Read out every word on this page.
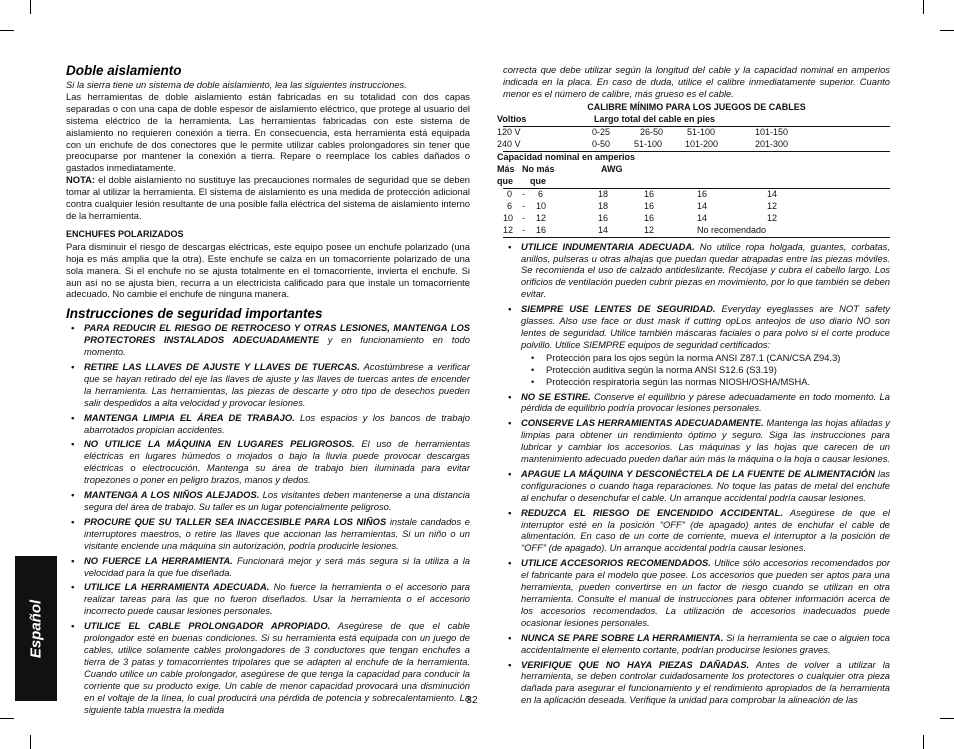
Doble aislamiento

Si la sierra tiene un sistema de doble aislamiento, lea las siguientes instrucciones.

Las herramientas de doble aislamiento están fabricadas en su totalidad con dos capas separadas o con una capa de doble espesor de aislamiento eléctrico, que protege al usuario del sistema eléctrico de la herramienta. Las herramientas fabricadas con este sistema de aislamiento no requieren conexión a tierra. En consecuencia, esta herramienta está equipada con un enchufe de dos conectores que le permite utilizar cables prolongadores sin tener que preocuparse por mantener la conexión a tierra. Repare o reemplace los cables dañados o gastados inmediatamente.

NOTA: el doble aislamiento no sustituye las precauciones normales de seguridad que se deben tomar al utilizar la herramienta. El sistema de aislamiento es una medida de protección adicional contra cualquier lesión resultante de una posible falla eléctrica del sistema de aislamiento interno de la herramienta.

ENCHUFES POLARIZADOS

Para disminuir el riesgo de descargas eléctricas, este equipo posee un enchufe polarizado (una hoja es más amplia que la otra). Este enchufe se calza en un tomacorriente polarizado de una sola manera. Si el enchufe no se ajusta totalmente en el tomacorriente, invierta el enchufe. Si aun así no se ajusta bien, recurra a un electricista calificado para que instale un tomacorriente adecuado. No cambie el enchufe de ninguna manera.

Instrucciones de seguridad importantes
• PARA REDUCIR EL RIESGO DE RETROCESO Y OTRAS LESIONES, MANTENGA LOS PROTECTORES INSTALADOS ADECUADAMENTE y en funcionamiento en todo momento.
• RETIRE LAS LLAVES DE AJUSTE Y LLAVES DE TUERCAS. Acostúmbrese a verificar que se hayan retirado del eje las llaves de ajuste y las llaves de tuercas antes de encender la herramienta. Las herramientas, las piezas de descarte y otro tipo de desechos pueden salir despedidos a alta velocidad y provocar lesiones.
• MANTENGA LIMPIA EL ÁREA DE TRABAJO. Los espacios y los bancos de trabajo abarrotados propician accidentes.
• NO UTILICE LA MÁQUINA EN LUGARES PELIGROSOS. El uso de herramientas eléctricas en lugares húmedos o mojados o bajo la lluvia puede provocar descargas eléctricas o electrocución. Mantenga su área de trabajo bien iluminada para evitar tropezones o poner en peligro brazos, manos y dedos.
• MANTENGA A LOS NIÑOS ALEJADOS. Los visitantes deben mantenerse a una distancia segura del área de trabajo. Su taller es un lugar potencialmente peligroso.
• PROCURE QUE SU TALLER SEA INACCESIBLE PARA LOS NIÑOS instale candados e interruptores maestros, o retire las llaves que accionan las herramientas. Si un niño o un visitante enciende una máquina sin autorización, podría producirle lesiones.
• NO FUERCE LA HERRAMIENTA. Funcionará mejor y será más segura si la utiliza a la velocidad para la que fue diseñada.
• UTILICE LA HERRAMIENTA ADECUADA. No fuerce la herramienta o el accesorio para realizar tareas para las que no fueron diseñados. Usar la herramienta o el accesorio incorrecto puede causar lesiones personales.
• UTILICE EL CABLE PROLONGADOR APROPIADO. Asegúrese de que el cable prolongador esté en buenas condiciones. Si su herramienta está equipada con un juego de cables, utilice solamente cables prolongadores de 3 conductores que tengan enchufes a tierra de 3 patas y tomacorrientes tripolares que se adapten al enchufe de la herramienta. Cuando utilice un cable prolongador, asegúrese de que tenga la capacidad para conducir la corriente que su producto exige. Un cable de menor capacidad provocará una disminución en el voltaje de la línea, lo cual producirá una pérdida de potencia y sobrecalentamiento. La siguiente tabla muestra la medida

correcta que debe utilizar según la longitud del cable y la capacidad nominal en amperios indicada en la placa. En caso de duda, utilice el calibre inmediatamente superior. Cuanto menor es el número de calibre, más grueso es el cable.

CALIBRE MÍNIMO PARA LOS JUEGOS DE CABLES
Voltios	Largo total del cable en pies
120 V	0-25	26-50	51-100	101-150
240 V	0-50	51-100	101-200	201-300
Capacidad nominal en amperios
Más No más	AWG
que que
0 - 6	18	16	16	14
6 - 10	18	16	14	12
10 - 12	16	16	14	12
12 - 16	14	12	No recomendado
• UTILICE INDUMENTARIA ADECUADA. No utilice ropa holgada, guantes, corbatas, anillos, pulseras u otras alhajas que puedan quedar atrapadas entre las piezas móviles. Se recomienda el uso de calzado antideslizante. Recójase y cubra el cabello largo. Los orificios de ventilación pueden cubrir piezas en movimiento, por lo que también se deben evitar.
• SIEMPRE USE LENTES DE SEGURIDAD. Everyday eyeglasses are NOT safety glasses. Also use face or dust mask if cutting opLos anteojos de uso diario NO son lentes de seguridad. Utilice también máscaras faciales o para polvo si el corte produce polvillo. Utilice SIEMPRE equipos de seguridad certificados:
• Protección para los ojos según la norma ANSI Z87.1 (CAN/CSA Z94.3)
• Protección auditiva según la norma ANSI S12.6 (S3.19)
• Protección respiratoria según las normas NIOSH/OSHA/MSHA.
• NO SE ESTIRE. Conserve el equilibrio y párese adecuadamente en todo momento. La pérdida de equilibrio podría provocar lesiones personales.
• CONSERVE LAS HERRAMIENTAS ADECUADAMENTE. Mantenga las hojas afiladas y limpias para obtener un rendimiento óptimo y seguro. Siga las instrucciones para lubricar y cambiar los accesorios. Las máquinas y las hojas que carecen de un mantenimiento adecuado pueden dañar aún más la máquina o la hoja o causar lesiones.
• APAGUE LA MÁQUINA Y DESCONÉCTELA DE LA FUENTE DE ALIMENTACIÓN las configuraciones o cuando haga reparaciones. No toque las patas de metal del enchufe al enchufar o desenchufar el cable. Un arranque accidental podría causar lesiones.
• REDUZCA EL RIESGO DE ENCENDIDO ACCIDENTAL. Asegúrese de que el interruptor esté en la posición “OFF” (de apagado) antes de enchufar el cable de alimentación. En caso de un corte de corriente, mueva el interruptor a la posición de “OFF” (de apagado). Un arranque accidental podría causar lesiones.
• UTILICE ACCESORIOS RECOMENDADOS. Utilice sólo accesorios recomendados por el fabricante para el modelo que posee. Los accesorios que pueden ser aptos para una herramienta, pueden convertirse en un factor de riesgo cuando se utilizan en otra herramienta. Consulte el manual de instrucciones para obtener información acerca de los accesorios recomendados. La utilización de accesorios inadecuados puede ocasionar lesiones personales.
• NUNCA SE PARE SOBRE LA HERRAMIENTA. Si la herramienta se cae o alguien toca accidentalmente el elemento cortante, podrían producirse lesiones graves.
• VERIFIQUE QUE NO HAYA PIEZAS DAÑADAS. Antes de volver a utilizar la herramienta, se deben controlar cuidadosamente los protectores o cualquier otra pieza dañada para asegurar el funcionamiento y el rendimiento apropiados de la herramienta en la aplicación deseada. Verifique la unidad para comprobar la alineación de las
Español
32
